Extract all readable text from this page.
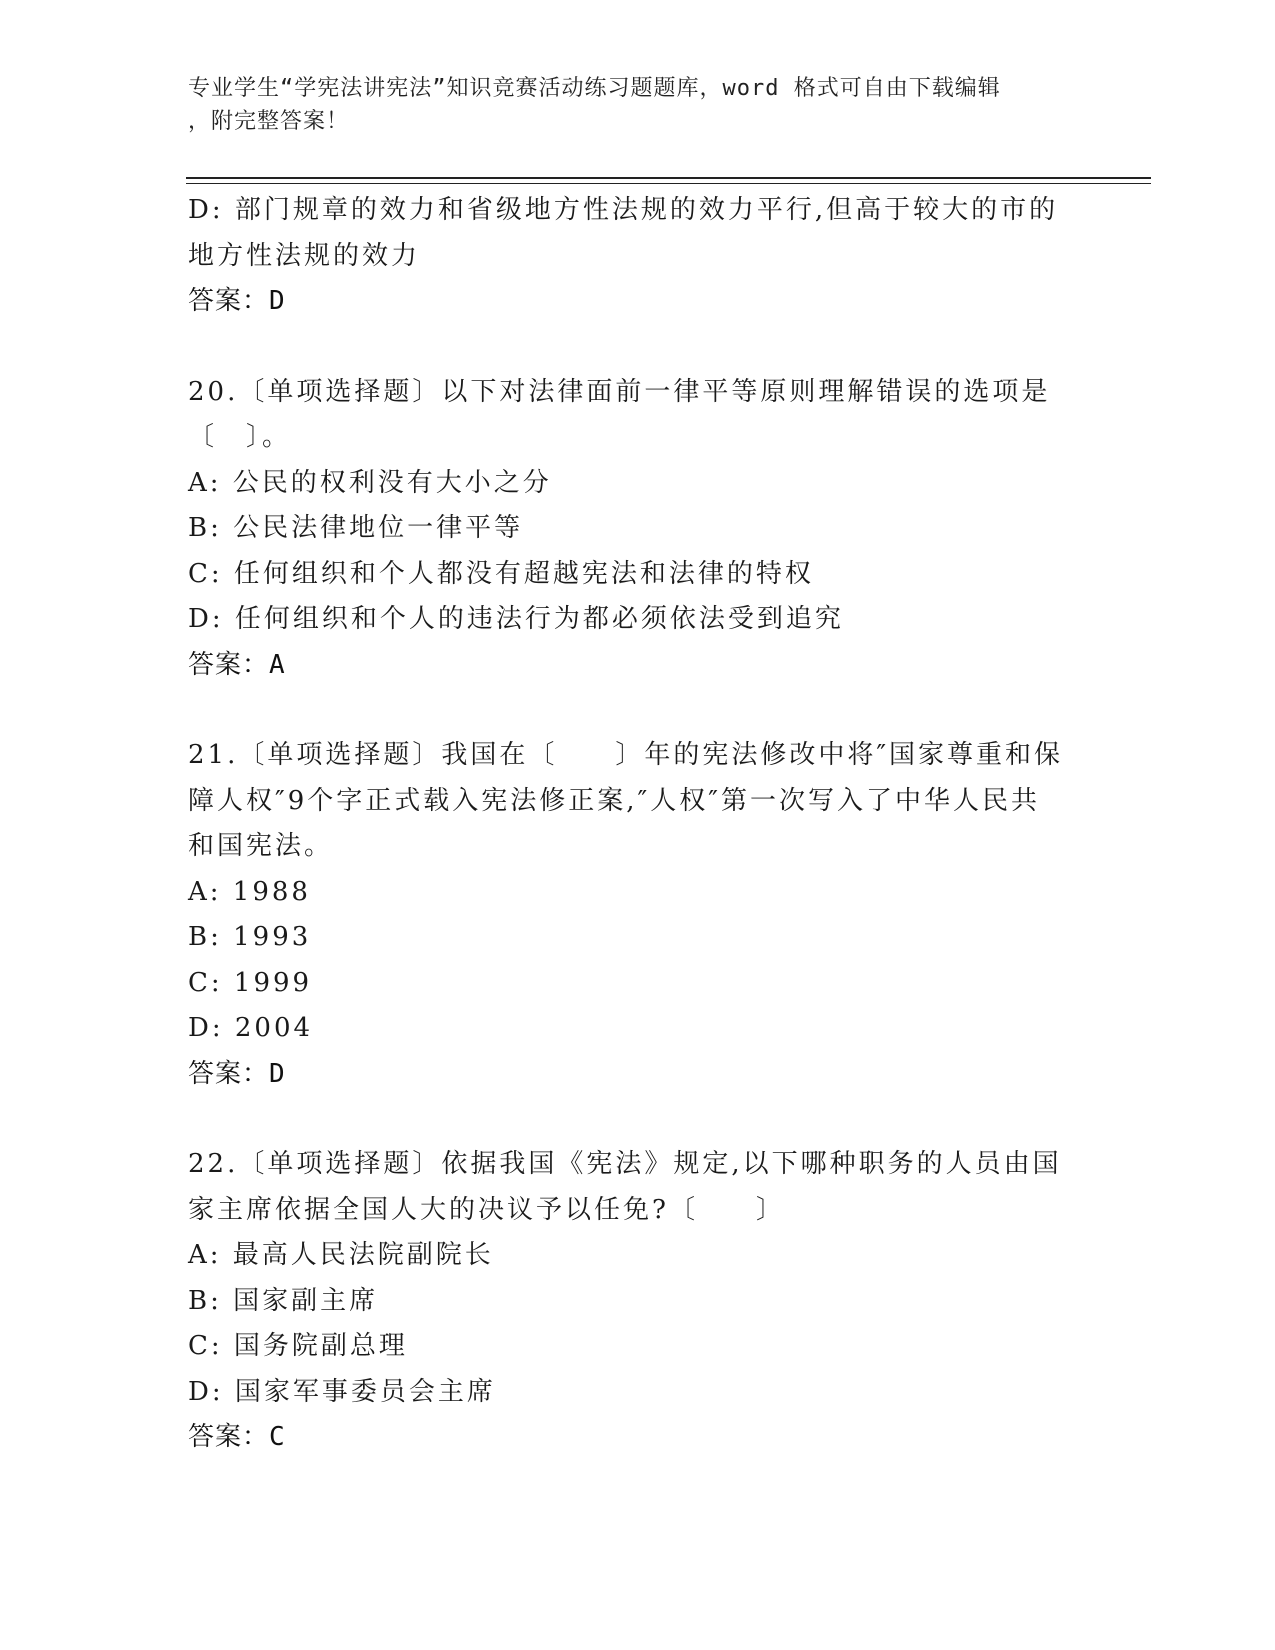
专业学生“学宪法讲宪法”知识竞赛活动练习题题库，word 格式可自由下载编辑
，附完整答案！
D: 部门规章的效力和省级地方性法规的效力平行,但高于较大的市的地方性法规的效力
答案：D
20.〔单项选择题〕以下对法律面前一律平等原则理解错误的选项是〔　〕。
A: 公民的权利没有大小之分
B: 公民法律地位一律平等
C: 任何组织和个人都没有超越宪法和法律的特权
D: 任何组织和个人的违法行为都必须依法受到追究
答案：A
21.〔单项选择题〕我国在〔　　〕年的宪法修改中将″国家尊重和保障人权″9个字正式载入宪法修正案,″人权″第一次写入了中华人民共和国宪法。
A: 1988
B: 1993
C: 1999
D: 2004
答案：D
22.〔单项选择题〕依据我国《宪法》规定,以下哪种职务的人员由国家主席依据全国人大的决议予以任免?〔　　〕
A: 最高人民法院副院长
B: 国家副主席
C: 国务院副总理
D: 国家军事委员会主席
答案：C
